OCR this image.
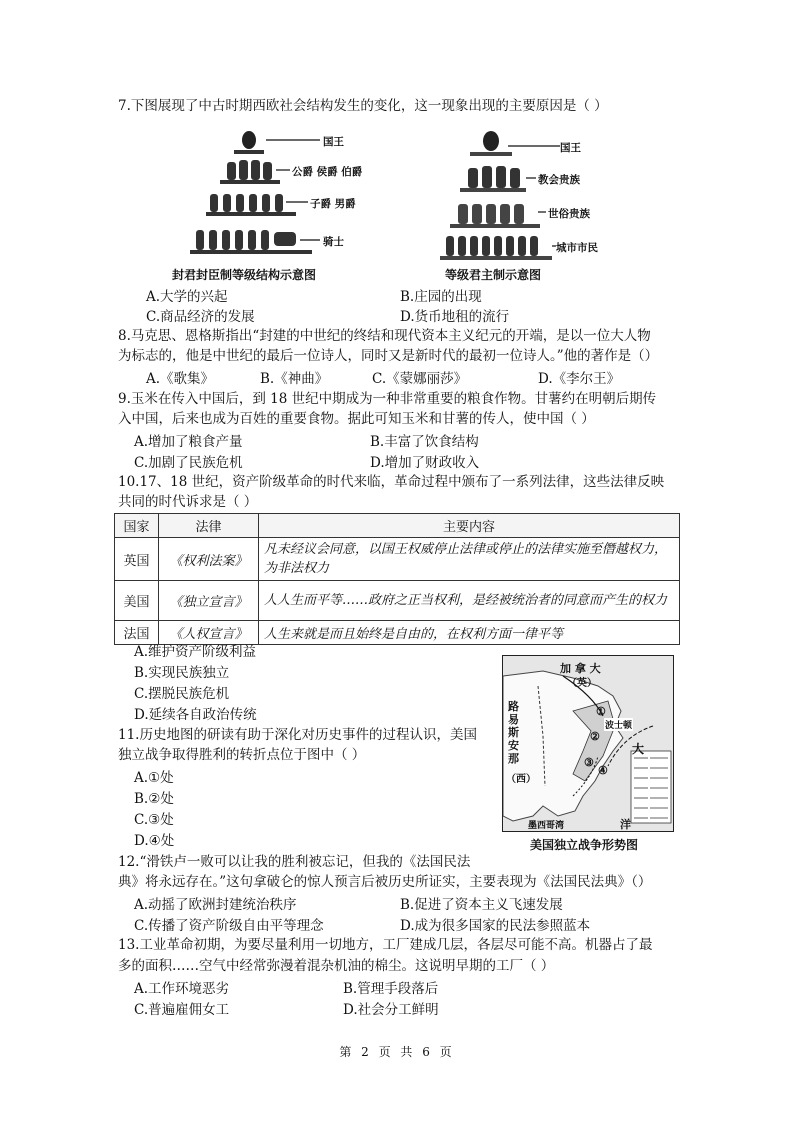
7.下图展现了中古时期西欧社会结构发生的变化，这一现象出现的主要原因是（ ）
国王
公爵 侯爵 伯爵
子爵 男爵
骑士
封君封臣制等级结构示意图
国王
教会贵族
世俗贵族
城市市民
等级君主制示意图
A.大学的兴起	B.庄园的出现
C.商品经济的发展	D.货币地租的流行
8.马克思、恩格斯指出“封建的中世纪的终结和现代资本主义纪元的开端，是以一位大人物
为标志的，他是中世纪的最后一位诗人，同时又是新时代的最初一位诗人。”他的著作是（）
A.《歌集》	B.《神曲》	C.《蒙娜丽莎》	D.《李尔王》
9.玉米在传入中国后，到 18 世纪中期成为一种非常重要的粮食作物。甘薯约在明朝后期传
入中国，后来也成为百姓的重要食物。据此可知玉米和甘薯的传人，使中国（ ）
A.增加了粮食产量	B.丰富了饮食结构
C.加剧了民族危机	D.增加了财政收入
10.17、18 世纪，资产阶级革命的时代来临，革命过程中颁布了一系列法律，这些法律反映
共同的时代诉求是（ ）
国家	法律	主要内容
英国	《权利法案》	凡未经议会同意，以国王权威停止法律或停止的法律实施至僭越权力，为非法权力
美国	《独立宣言》	人人生而平等……政府之正当权利，是经被统治者的同意而产生的权力
法国	《人权宣言》	人生来就是而且始终是自由的，在权利方面一律平等
A.维护资产阶级利益
B.实现民族独立
C.摆脱民族危机
D.延续各自政治传统
11.历史地图的研读有助于深化对历史事件的过程认识，美国
独立战争取得胜利的转折点位于图中（ ）
A.①处
B.②处
C.③处
D.④处
加 拿 大
（英）
路易斯安那
（西）
波士顿
大
洋
墨西哥湾
①
②
③
④
美国独立战争形势图
12.“滑铁卢一败可以让我的胜利被忘记，但我的《法国民法
典》将永远存在。”这句拿破仑的惊人预言后被历史所证实，主要表现为《法国民法典》（）
A.动摇了欧洲封建统治秩序	B.促进了资本主义飞速发展
C.传播了资产阶级自由平等理念	D.成为很多国家的民法参照蓝本
13.工业革命初期，为要尽量利用一切地方，工厂建成几层，各层尽可能不高。机器占了最
多的面积……空气中经常弥漫着混杂机油的棉尘。这说明早期的工厂（ ）
A.工作环境恶劣	B.管理手段落后
C.普遍雇佣女工	D.社会分工鲜明
第 2 页 共 6 页
